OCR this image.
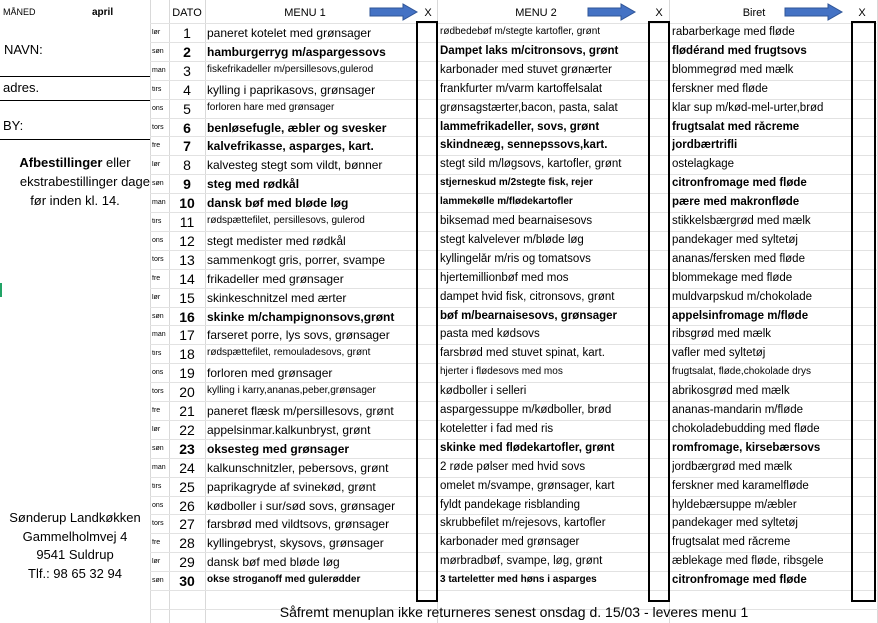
MÅNED	april
NAVN:
adres.
BY:
Afbestillinger eller
ekstrabestillinger dage
før inden kl. 14.
Sønderup Landkøkken
Gammelholmvej 4
9541 Suldrup
Tlf.: 98 65 32 94
DATO	MENU 1	X	MENU 2	X	Biret	X
lør	1	paneret kotelet med grønsager	rødbedebøf m/stegte kartofler, grønt	rabarberkage med fløde
søn	2	hamburgerryg m/aspargessovs	Dampet laks m/citronsovs, grønt	flødérand med frugtsovs
man	3	fiskefrikadeller m/persillesovs,gulerod	karbonader med stuvet grønærter	blommegrød med mælk
tirs	4	kylling i paprikasovs, grønsager	frankfurter m/varm kartoffelsalat	ferskner med fløde
ons	5	forloren hare med grønsager	grønsagstærter,bacon, pasta, salat	klar sup m/kød-mel-urter,brød
tors	6	benløsefugle, æbler og svesker	lammefrikadeller, sovs, grønt	frugtsalat med råcreme
fre	7	kalvefrikasse, asparges, kart.	skindneæg, sennepssovs,kart.	jordbærtrifli
lør	8	kalvesteg stegt som vildt, bønner	stegt sild m/løgsovs, kartofler, grønt	ostelagkage
søn	9	steg med rødkål	stjerneskud m/2stegte fisk, rejer	citronfromage med fløde
man 10	dansk bøf med bløde løg	lammekølle m/flødekartofler	pære med makronfløde
tirs	11	rødspættefilet, persillesovs, gulerod	biksemad med bearnaisesovs	stikkelsbærgrød med mælk
ons	12	stegt medister med rødkål	stegt kalvelever m/bløde løg	pandekager med syltetøj
tors	13	sammenkogt gris, porrer, svampe	kyllingelår m/ris og tomatsovs	ananas/fersken med fløde
fre	14	frikadeller med grønsager	hjertemillionbøf med mos	blommekage med fløde
lør	15	skinkeschnitzel med ærter	dampet hvid fisk, citronsovs, grønt	muldvarpskud m/chokolade
søn	16	skinke m/champignonsovs,grønt	bøf m/bearnaisesovs, grønsager	appelsinfromage m/fløde
man 17	farseret porre, lys sovs, grønsager	pasta med kødsovs	ribsgrød med mælk
tirs	18	rødspættefilet, remouladesovs, grønt	farsbrød med stuvet spinat, kart.	vafler med syltetøj
ons	19	forloren med grønsager	hjerter i flødesovs med mos	frugtsalat, fløde,chokolade drys
tors	20	kylling i karry,ananas,peber,grønsager	kødboller i selleri	abrikosgrød med mælk
fre	21	paneret flæsk m/persillesovs, grønt	aspargessuppe m/kødboller, brød	ananas-mandarin m/fløde
lør	22	appelsinmar.kalkunbryst, grønt	koteletter i fad med ris	chokoladebudding med fløde
søn	23	oksesteg med grønsager	skinke med flødekartofler, grønt	romfromage, kirsebærsovs
man 24	kalkunschnitzler, pebersovs, grønt	2 røde pølser med hvid sovs	jordbærgrød med mælk
tirs	25	paprikagryde af svinekød, grønt	omelet m/svampe, grønsager, kart	ferskner med karamelfløde
ons	26	kødboller i sur/sød sovs, grønsager	fyldt pandekage risblanding	hyldebærsuppe m/æbler
tors	27	farsbrød med vildtsovs, grønsager	skrubbefilet m/rejesovs, kartofler	pandekager med syltetøj
fre	28	kyllingebryst, skysovs, grønsager	karbonader med grønsager	frugtsalat med råcreme
lør	29	dansk bøf med bløde løg	mørbradbøf, svampe, løg, grønt	æblekage med fløde, ribsgele
søn	30	okse stroganoff med gulerødder	3 tarteletter med høns i asparges	citronfromage med fløde
Såfremt menuplan ikke returneres senest onsdag d. 15/03 - leveres menu 1
